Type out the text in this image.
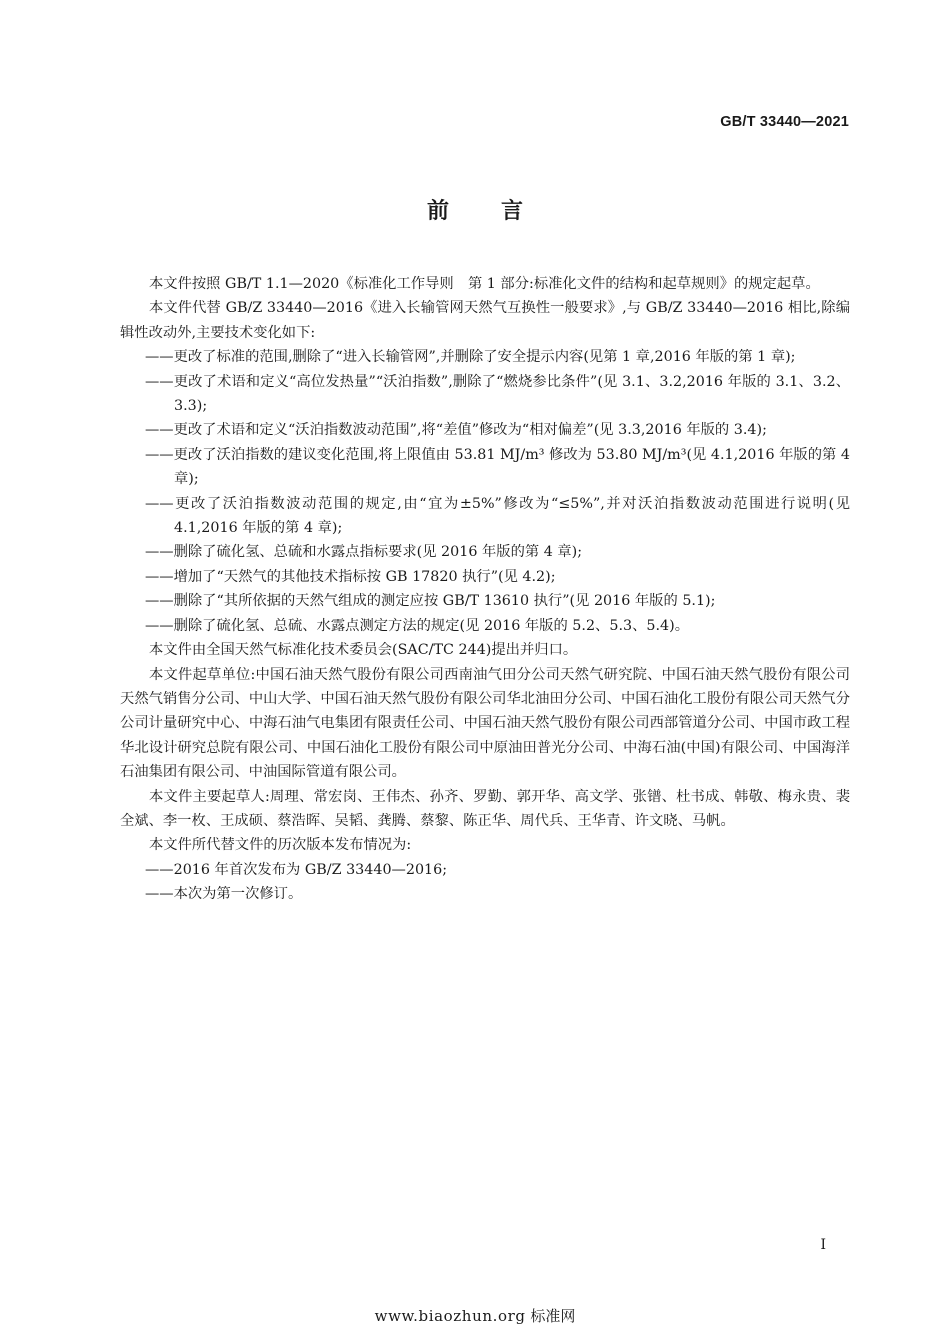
GB/T 33440—2021
前言

本文件按照 GB/T 1.1—2020《标准化工作导则　第 1 部分:标准化文件的结构和起草规则》的规定起草。

本文件代替 GB/Z 33440—2016《进入长输管网天然气互换性一般要求》,与 GB/Z 33440—2016 相比,除编辑性改动外,主要技术变化如下:

——更改了标准的范围,删除了“进入长输管网”,并删除了安全提示内容(见第 1 章,2016 年版的第 1 章);

——更改了术语和定义“高位发热量”“沃泊指数”,删除了“燃烧参比条件”(见 3.1、3.2,2016 年版的 3.1、3.2、3.3);

——更改了术语和定义“沃泊指数波动范围”,将“差值”修改为“相对偏差”(见 3.3,2016 年版的 3.4);

——更改了沃泊指数的建议变化范围,将上限值由 53.81 MJ/m³ 修改为 53.80 MJ/m³(见 4.1,2016 年版的第 4 章);

——更改了沃泊指数波动范围的规定,由“宜为±5%”修改为“≤5%”,并对沃泊指数波动范围进行说明(见 4.1,2016 年版的第 4 章);

——删除了硫化氢、总硫和水露点指标要求(见 2016 年版的第 4 章);

——增加了“天然气的其他技术指标按 GB 17820 执行”(见 4.2);

——删除了“其所依据的天然气组成的测定应按 GB/T 13610 执行”(见 2016 年版的 5.1);

——删除了硫化氢、总硫、水露点测定方法的规定(见 2016 年版的 5.2、5.3、5.4)。

本文件由全国天然气标准化技术委员会(SAC/TC 244)提出并归口。

本文件起草单位:中国石油天然气股份有限公司西南油气田分公司天然气研究院、中国石油天然气股份有限公司天然气销售分公司、中山大学、中国石油天然气股份有限公司华北油田分公司、中国石油化工股份有限公司天然气分公司计量研究中心、中海石油气电集团有限责任公司、中国石油天然气股份有限公司西部管道分公司、中国市政工程华北设计研究总院有限公司、中国石油化工股份有限公司中原油田普光分公司、中海石油(中国)有限公司、中国海洋石油集团有限公司、中油国际管道有限公司。

本文件主要起草人:周理、常宏岗、王伟杰、孙齐、罗勤、郭开华、高文学、张镨、杜书成、韩敬、梅永贵、裴全斌、李一枚、王成硕、蔡浩晖、吴韬、龚腾、蔡黎、陈正华、周代兵、王华青、许文晓、马帆。

本文件所代替文件的历次版本发布情况为:

——2016 年首次发布为 GB/Z 33440—2016;

——本次为第一次修订。

I
www.biaozhun.org 标准网
